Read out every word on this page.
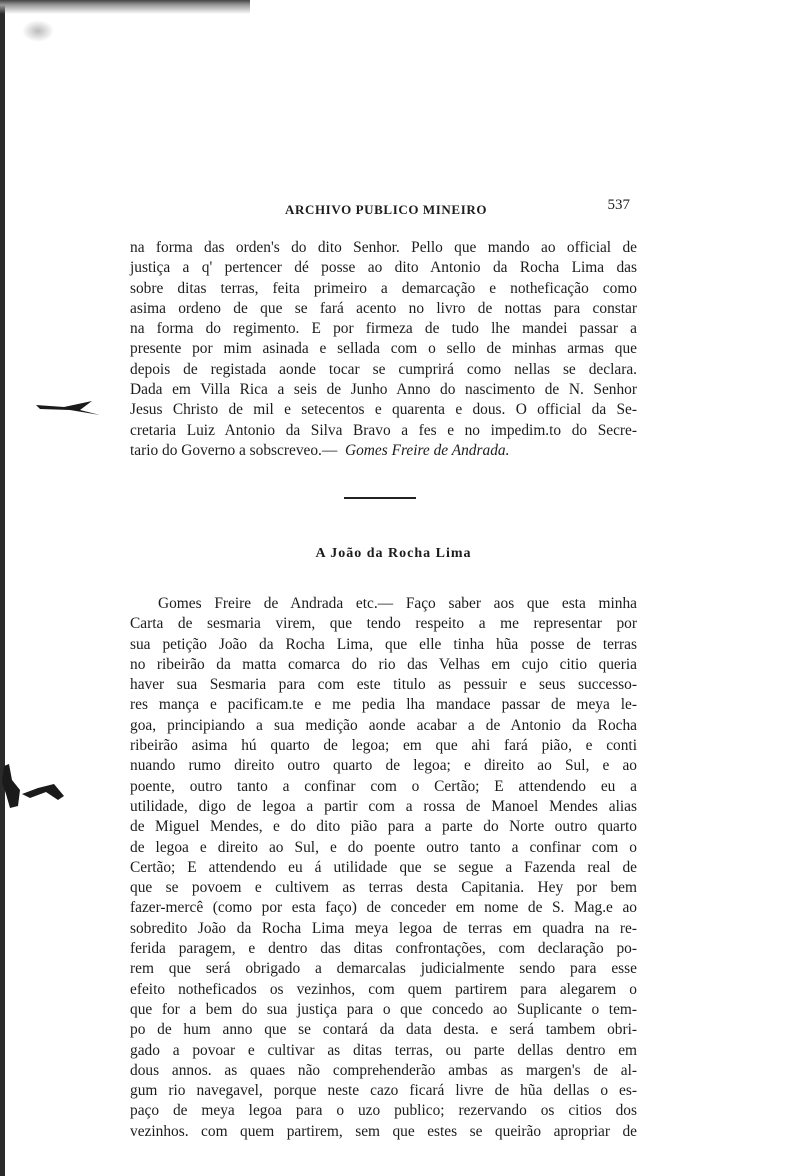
ARCHIVO PUBLICO MINEIRO	537
na forma das orden's do dito Senhor. Pello que mando ao official de
justiça a q' pertencer dé posse ao dito Antonio da Rocha Lima das
sobre ditas terras, feita primeiro a demarcação e notheficação como
asima ordeno de que se fará acento no livro de nottas para constar
na forma do regimento. E por firmeza de tudo lhe mandei passar a
presente por mim asinada e sellada com o sello de minhas armas que
depois de registada aonde tocar se cumprirá como nellas se declara.
Dada em Villa Rica a seis de Junho Anno do nascimento de N. Senhor
Jesus Christo de mil e setecentos e quarenta e dous. O official da Se-
cretaria Luiz Antonio da Silva Bravo a fes e no impedim.to do Secre-
tario do Governo a sobscreveo.— Gomes Freire de Andrada.
A João da Rocha Lima
Gomes Freire de Andrada etc.— Faço saber aos que esta minha
Carta de sesmaria virem, que tendo respeito a me representar por
sua petição João da Rocha Lima, que elle tinha hũa posse de terras
no ribeirão da matta comarca do rio das Velhas em cujo citio queria
haver sua Sesmaria para com este titulo as pessuir e seus successo-
res mança e pacificam.te e me pedia lha mandace passar de meya le-
goa, principiando a sua medição aonde acabar a de Antonio da Rocha
ribeirão asima hú quarto de legoa; em que ahi fará pião, e conti
nuando rumo direito outro quarto de legoa; e direito ao Sul, e ao
poente, outro tanto a confinar com o Certão; E attendendo eu a
utilidade, digo de legoa a partir com a rossa de Manoel Mendes alias
de Miguel Mendes, e do dito pião para a parte do Norte outro quarto
de legoa e direito ao Sul, e do poente outro tanto a confinar com o
Certão; E attendendo eu á utilidade que se segue a Fazenda real de
que se povoem e cultivem as terras desta Capitania. Hey por bem
fazer-mercê (como por esta faço) de conceder em nome de S. Mag.e ao
sobredito João da Rocha Lima meya legoa de terras em quadra na re-
ferida paragem, e dentro das ditas confrontações, com declaração po-
rem que será obrigado a demarcalas judicialmente sendo para esse
efeito notheficados os vezinhos, com quem partirem para alegarem o
que for a bem do sua justiça para o que concedo ao Suplicante o tem-
po de hum anno que se contará da data desta. e será tambem obri-
gado a povoar e cultivar as ditas terras, ou parte dellas dentro em
dous annos. as quaes não comprehenderão ambas as margen's de al-
gum rio navegavel, porque neste cazo ficará livre de hũa dellas o es-
paço de meya legoa para o uzo publico; rezervando os citios dos
vezinhos. com quem partirem, sem que estes se queirão apropriar de
